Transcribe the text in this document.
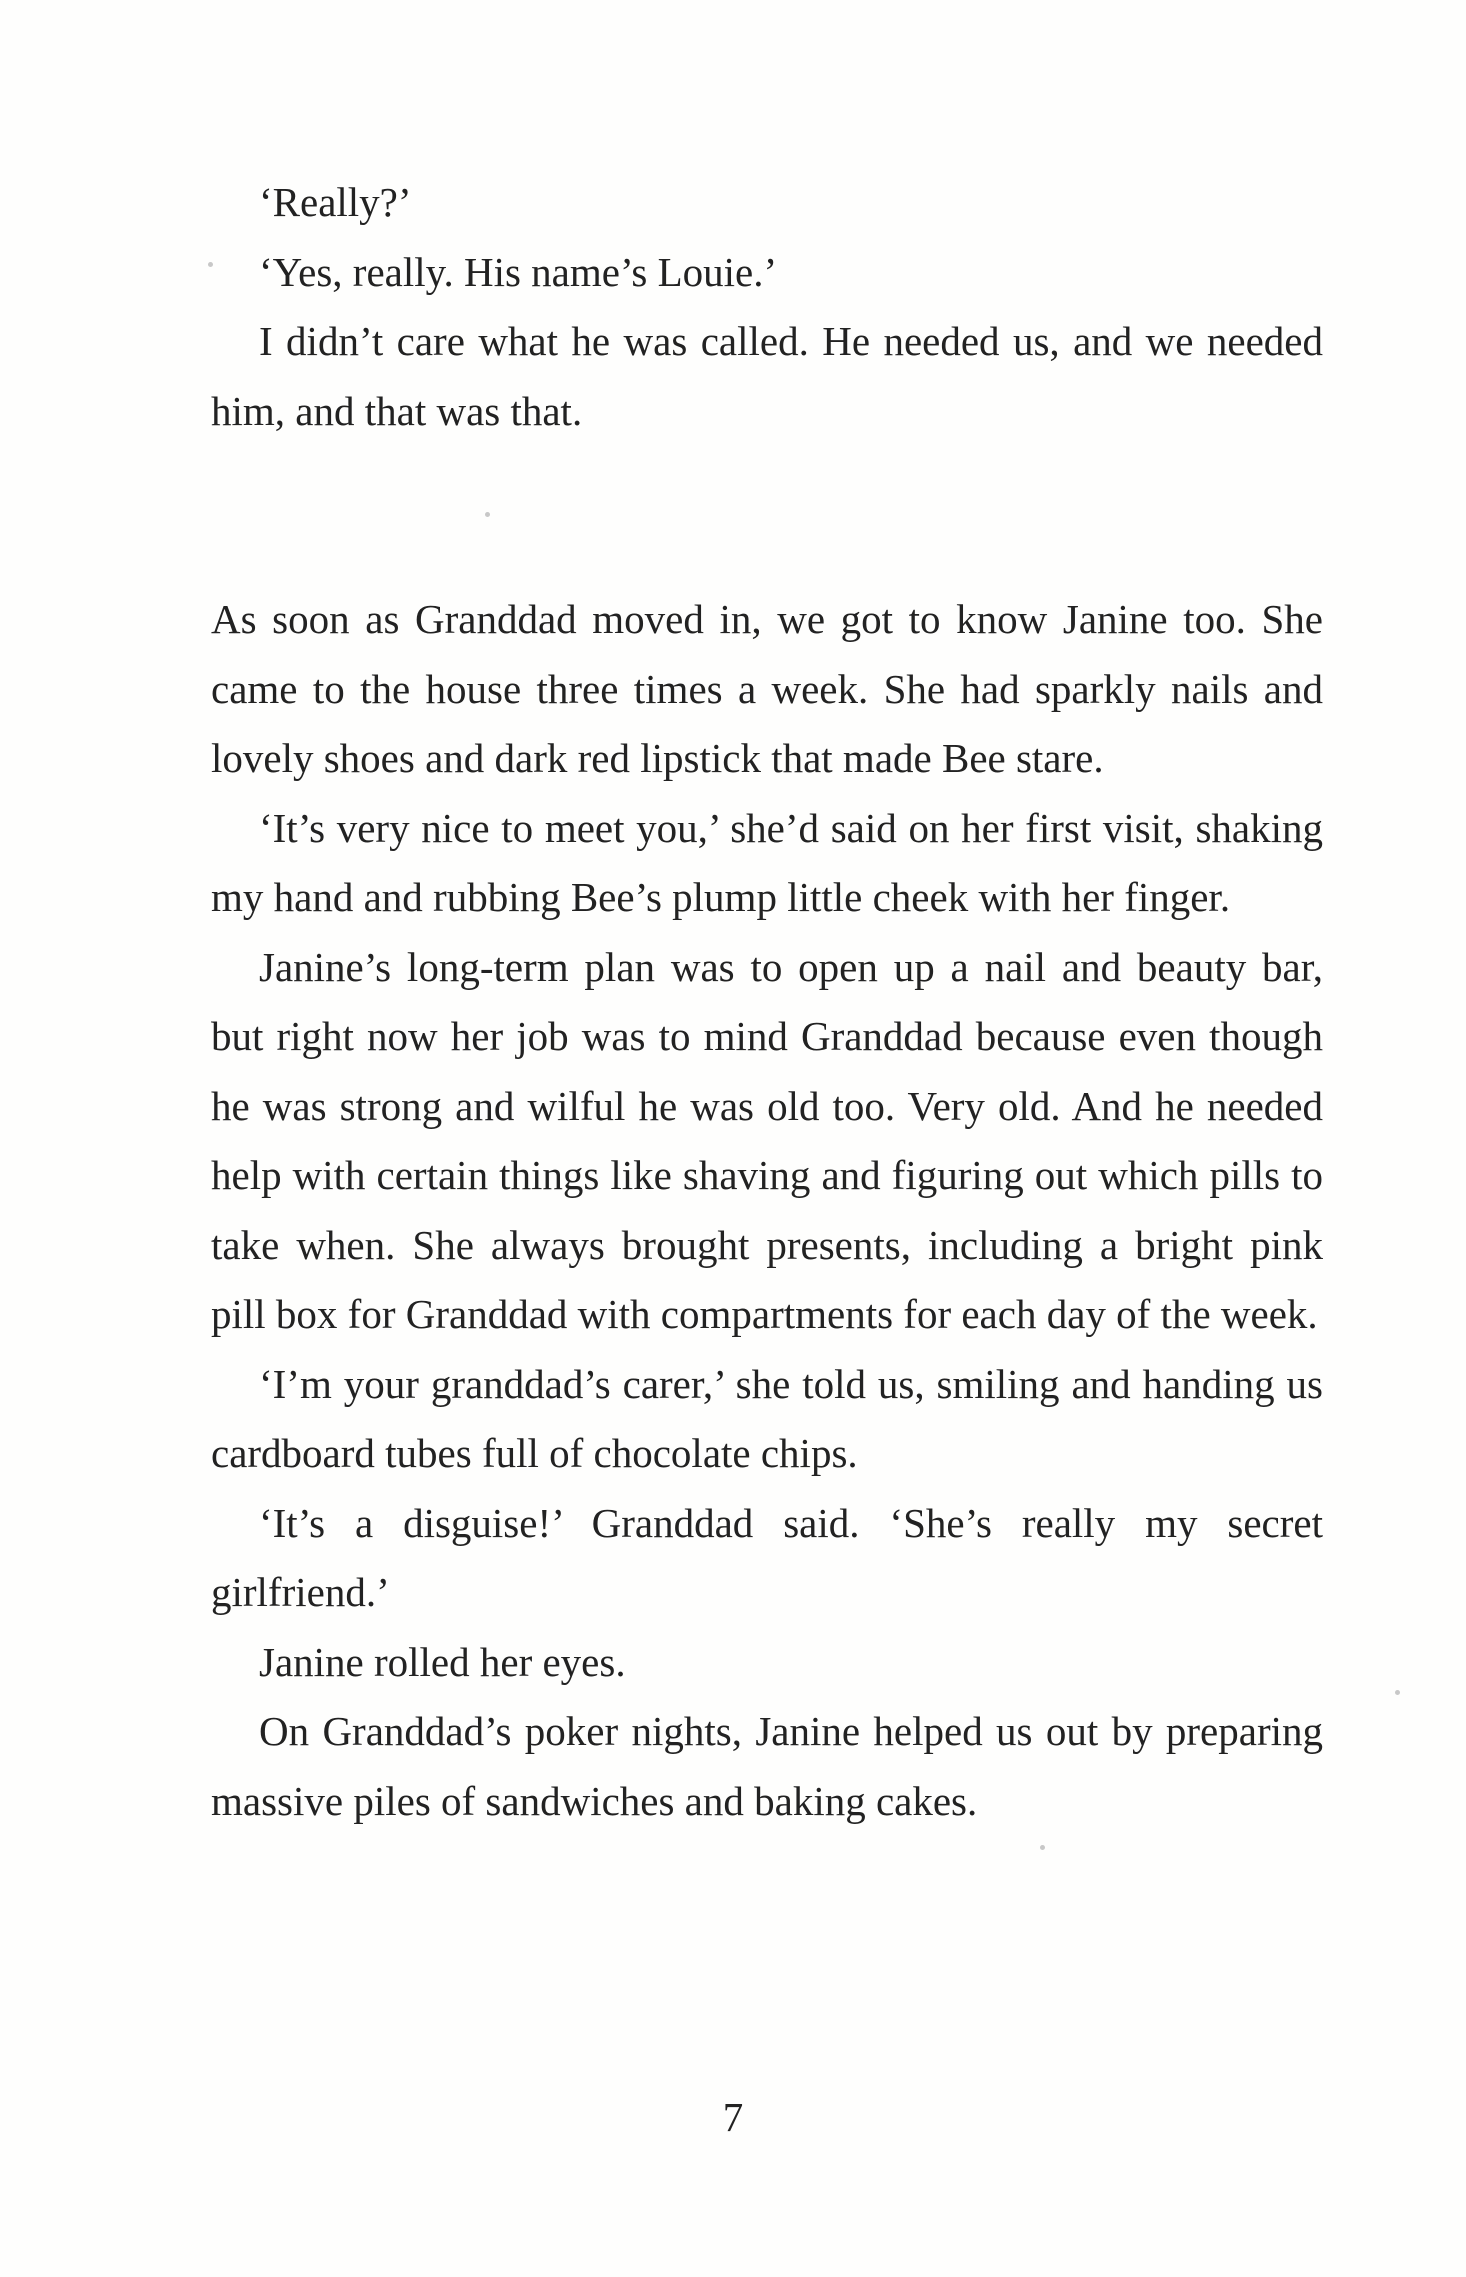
‘Really?’

‘Yes, really. His name’s Louie.’

I didn’t care what he was called. He needed us, and we needed him, and that was that.

As soon as Granddad moved in, we got to know Janine too. She came to the house three times a week. She had sparkly nails and lovely shoes and dark red lipstick that made Bee stare.

‘It’s very nice to meet you,’ she’d said on her first visit, shaking my hand and rubbing Bee’s plump little cheek with her finger.

Janine’s long-term plan was to open up a nail and beauty bar, but right now her job was to mind Granddad because even though he was strong and wilful he was old too. Very old. And he needed help with certain things like shaving and figuring out which pills to take when. She always brought presents, including a bright pink pill box for Granddad with compartments for each day of the week.

‘I’m your granddad’s carer,’ she told us, smiling and handing us cardboard tubes full of chocolate chips.

‘It’s a disguise!’ Granddad said. ‘She’s really my secret girlfriend.’

Janine rolled her eyes.

On Granddad’s poker nights, Janine helped us out by preparing massive piles of sandwiches and baking cakes.

7
